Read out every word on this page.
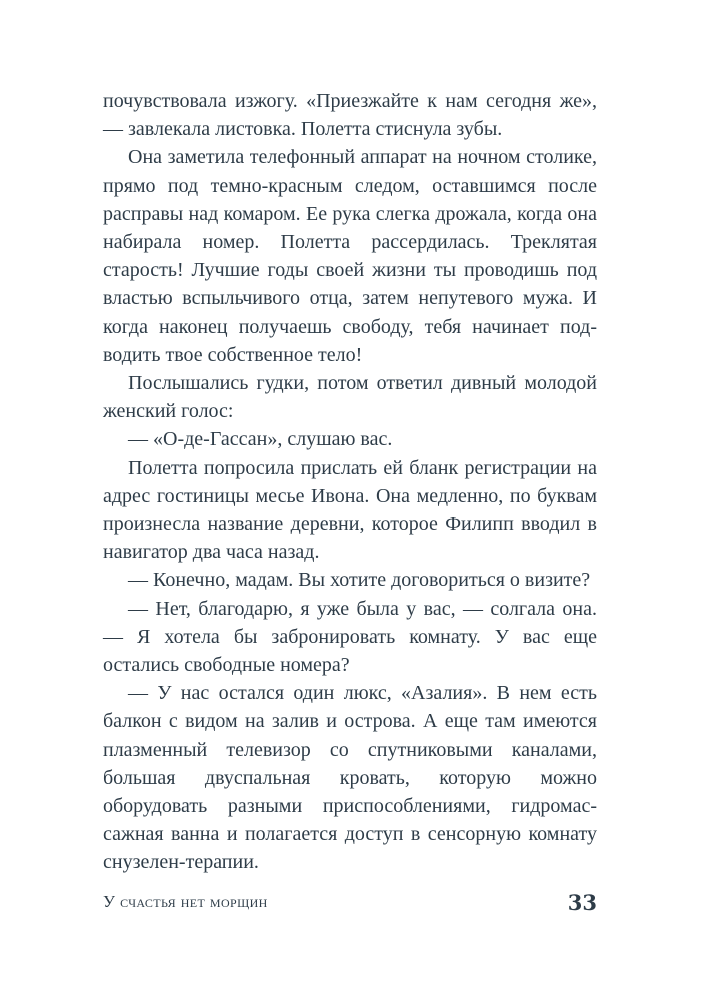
почувствовала изжогу. «Приезжайте к нам сегодня же», — завлекала листовка. Полетта стиснула зубы.

Она заметила телефонный аппарат на ночном столике, прямо под темно-красным следом, оставшимся после расправы над комаром. Ее рука слегка дрожала, когда она набирала номер. Полетта рассердилась. Треклятая старость! Лучшие годы своей жизни ты проводишь под властью вспыльчивого отца, затем непутевого мужа. И когда наконец получаешь свободу, тебя начинает подводить твое собственное тело!

Послышались гудки, потом ответил дивный молодой женский голос:

— «О-де-Гассан», слушаю вас.

Полетта попросила прислать ей бланк регистрации на адрес гостиницы месье Ивона. Она медленно, по буквам произнесла название деревни, которое Филипп вводил в навигатор два часа назад.

— Конечно, мадам. Вы хотите договориться о визите?

— Нет, благодарю, я уже была у вас, — солгала она. — Я хотела бы забронировать комнату. У вас еще остались свободные номера?

— У нас остался один люкс, «Азалия». В нем есть балкон с видом на залив и острова. А еще там имеются плазменный телевизор со спутниковыми каналами, большая двуспальная кровать, которую можно оборудовать разными приспособлениями, гидромассажная ванна и полагается доступ в сенсорную комнату снузелен-терапии.

У счастья нет морщин	33
